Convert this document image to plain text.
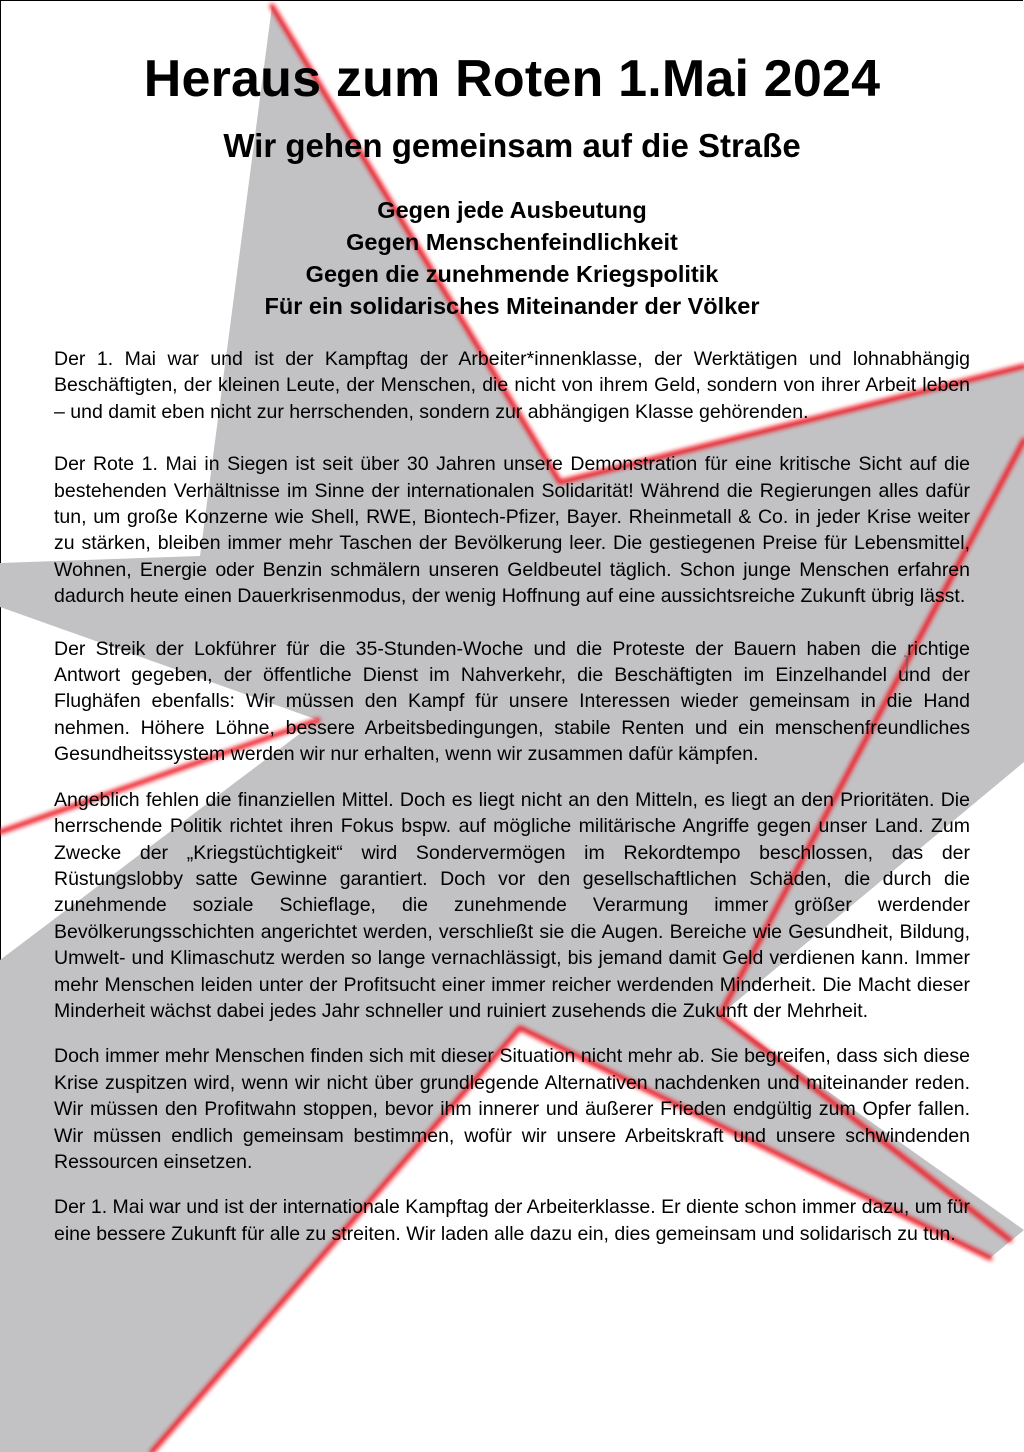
Heraus zum Roten 1.Mai 2024
Wir gehen gemeinsam auf die Straße
Gegen jede Ausbeutung
Gegen Menschenfeindlichkeit
Gegen die zunehmende Kriegspolitik
Für ein solidarisches Miteinander der Völker

Der 1. Mai war und ist der Kampftag der Arbeiter*innenklasse, der Werktätigen und lohnabhängig Beschäftigten, der kleinen Leute, der Menschen, die nicht von ihrem Geld, sondern von ihrer Arbeit leben – und damit eben nicht zur herrschenden, sondern zur abhängigen Klasse gehörenden.

Der Rote 1. Mai in Siegen ist seit über 30 Jahren unsere Demonstration für eine kritische Sicht auf die bestehenden Verhältnisse im Sinne der internationalen Solidarität! Während die Regierungen alles dafür tun, um große Konzerne wie Shell, RWE, Biontech-Pfizer, Bayer. Rheinmetall & Co. in jeder Krise weiter zu stärken, bleiben immer mehr Taschen der Bevölkerung leer. Die gestiegenen Preise für Lebensmittel, Wohnen, Energie oder Benzin schmälern unseren Geldbeutel täglich. Schon junge Menschen erfahren dadurch heute einen Dauerkrisenmodus, der wenig Hoffnung auf eine aussichtsreiche Zukunft übrig lässt.

Der Streik der Lokführer für die 35-Stunden-Woche und die Proteste der Bauern haben die richtige Antwort gegeben, der öffentliche Dienst im Nahverkehr, die Beschäftigten im Einzelhandel und der Flughäfen ebenfalls: Wir müssen den Kampf für unsere Interessen wieder gemeinsam in die Hand nehmen. Höhere Löhne, bessere Arbeitsbedingungen, stabile Renten und ein menschenfreundliches Gesundheitssystem werden wir nur erhalten, wenn wir zusammen dafür kämpfen.

Angeblich fehlen die finanziellen Mittel. Doch es liegt nicht an den Mitteln, es liegt an den Prioritäten. Die herrschende Politik richtet ihren Fokus bspw. auf mögliche militärische Angriffe gegen unser Land. Zum Zwecke der „Kriegstüchtigkeit“ wird Sondervermögen im Rekordtempo beschlossen, das der Rüstungslobby satte Gewinne garantiert. Doch vor den gesellschaftlichen Schäden, die durch die zunehmende soziale Schieflage, die zunehmende Verarmung immer größer werdender Bevölkerungsschichten angerichtet werden, verschließt sie die Augen. Bereiche wie Gesundheit, Bildung, Umwelt- und Klimaschutz werden so lange vernachlässigt, bis jemand damit Geld verdienen kann. Immer mehr Menschen leiden unter der Profitsucht einer immer reicher werdenden Minderheit. Die Macht dieser Minderheit wächst dabei jedes Jahr schneller und ruiniert zusehends die Zukunft der Mehrheit.

Doch immer mehr Menschen finden sich mit dieser Situation nicht mehr ab. Sie begreifen, dass sich diese Krise zuspitzen wird, wenn wir nicht über grundlegende Alternativen nachdenken und miteinander reden. Wir müssen den Profitwahn stoppen, bevor ihm innerer und äußerer Frieden endgültig zum Opfer fallen. Wir müssen endlich gemeinsam bestimmen, wofür wir unsere Arbeitskraft und unsere schwindenden Ressourcen einsetzen.

Der 1. Mai war und ist der internationale Kampftag der Arbeiterklasse. Er diente schon immer dazu, um für eine bessere Zukunft für alle zu streiten. Wir laden alle dazu ein, dies gemeinsam und solidarisch zu tun.
